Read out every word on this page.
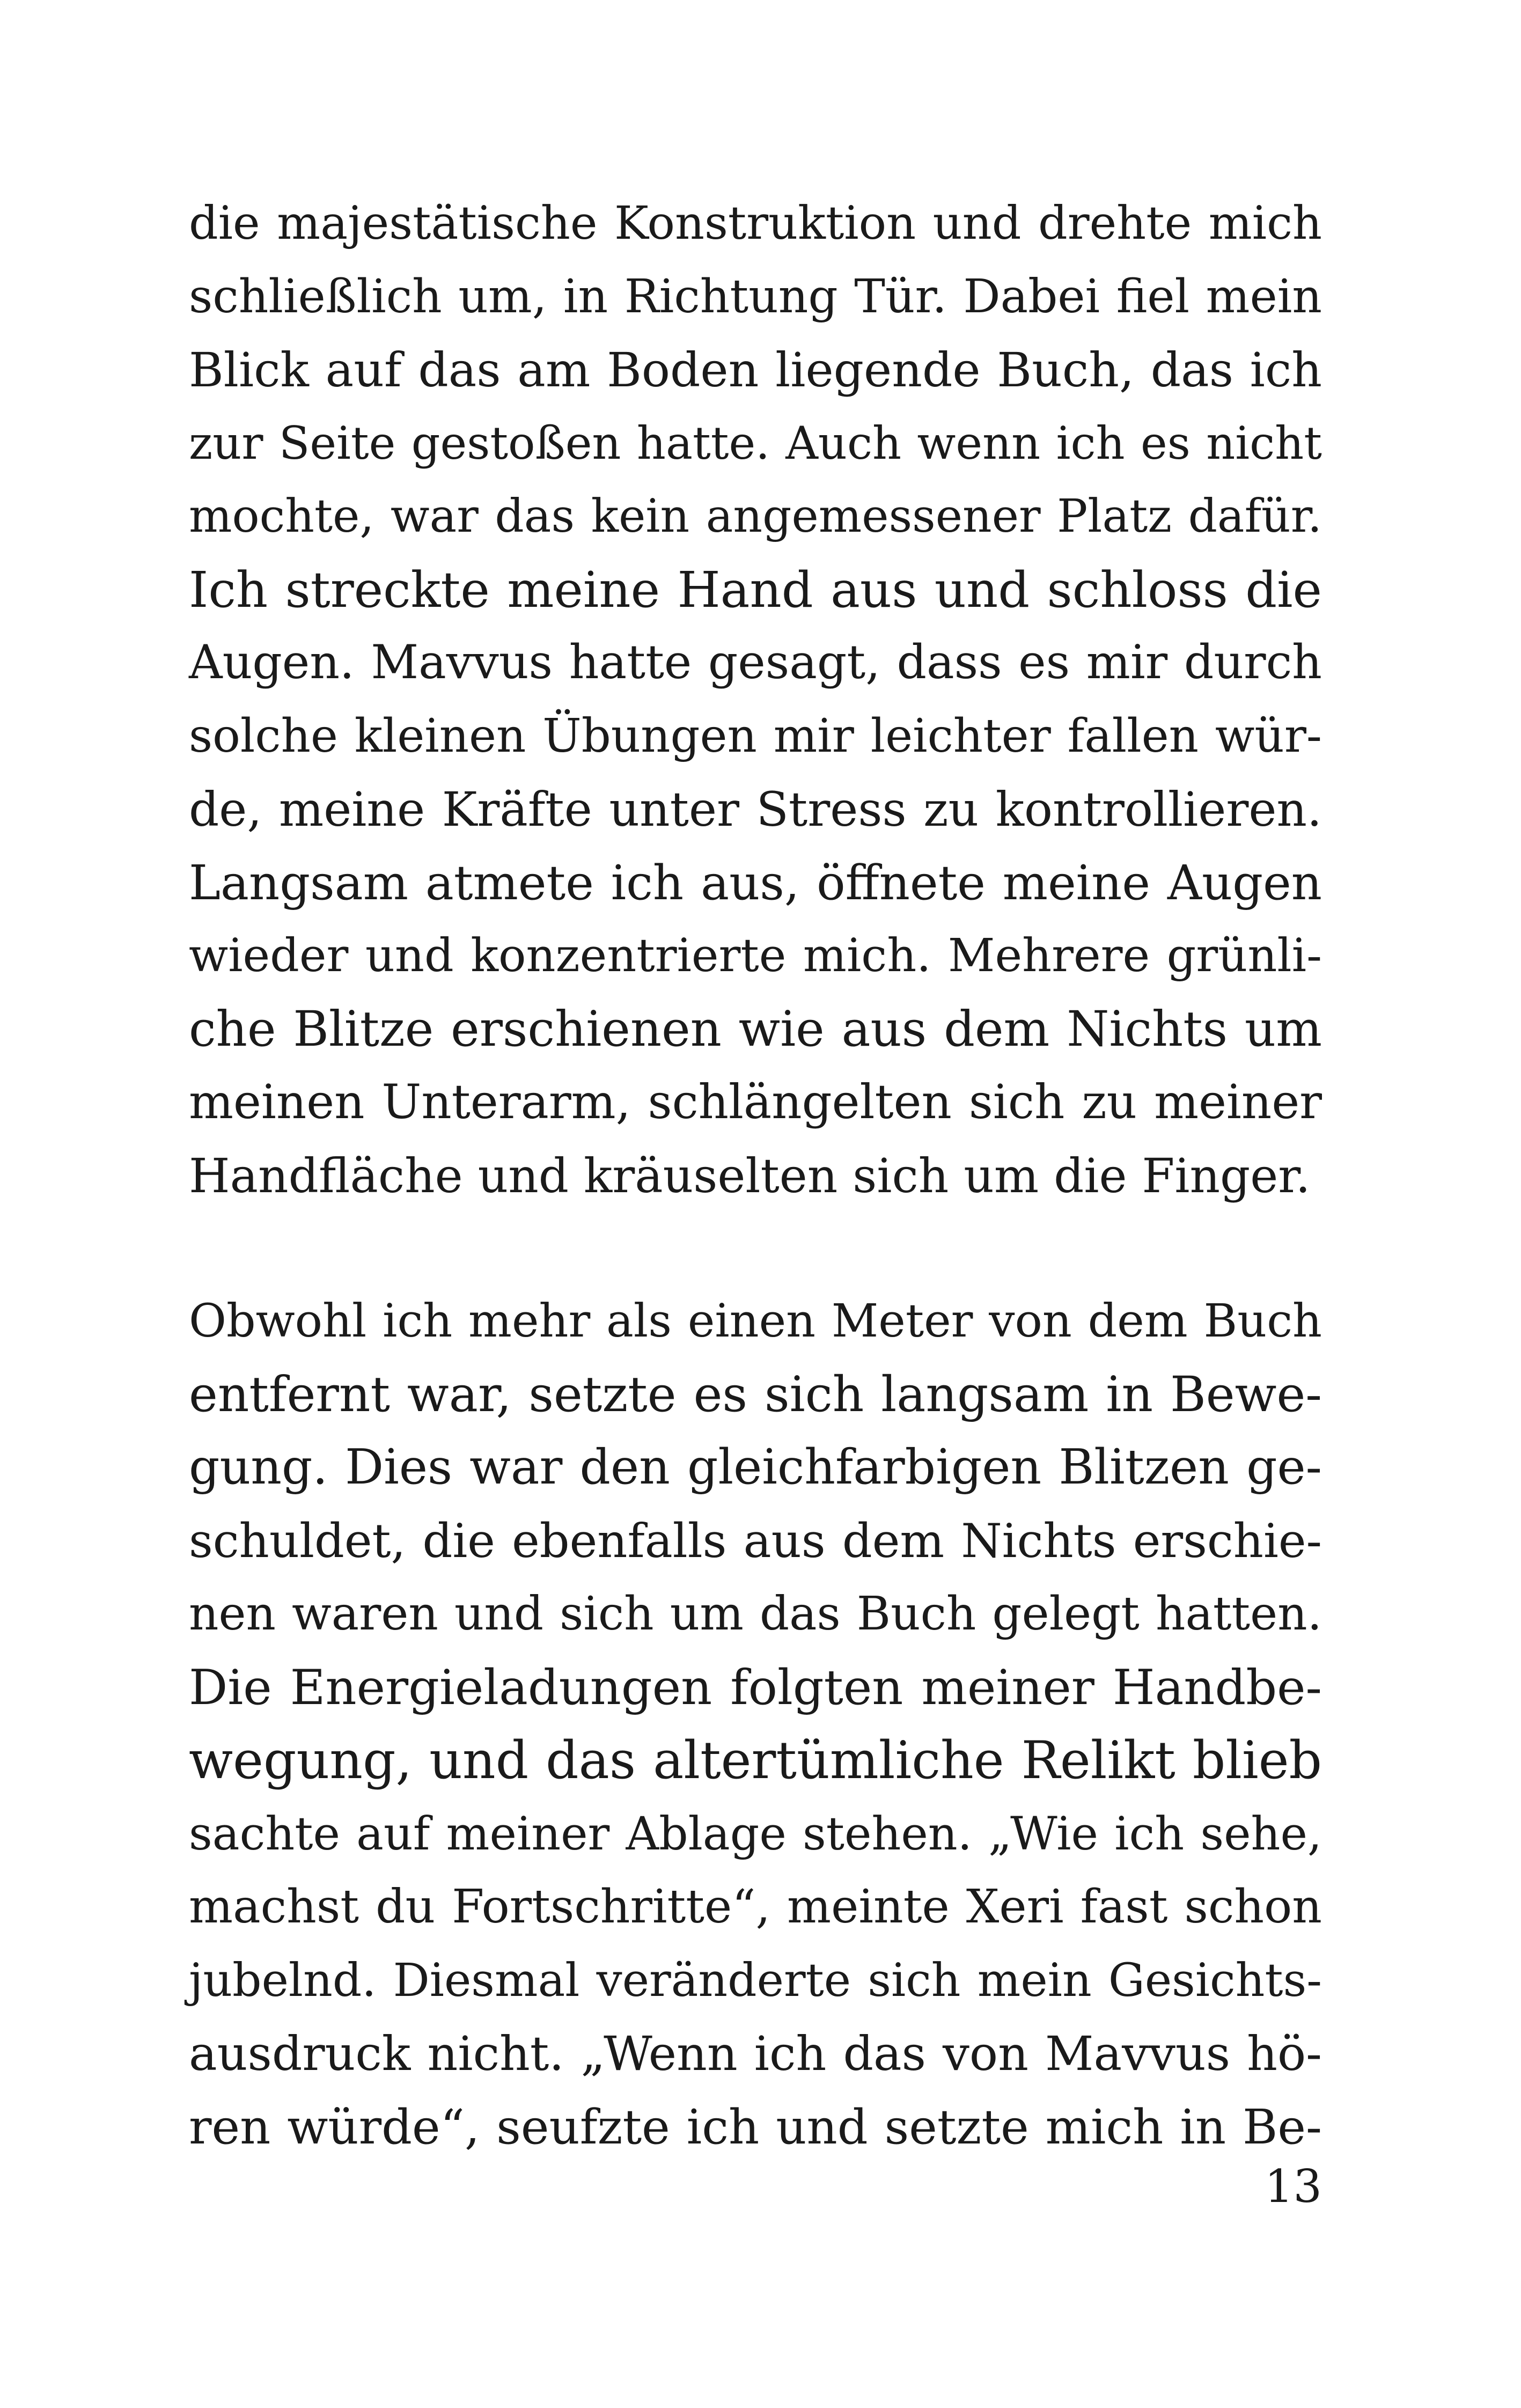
die majestätische Konstruktion und drehte mich
schließlich um, in Richtung Tür. Dabei fiel mein
Blick auf das am Boden liegende Buch, das ich
zur Seite gestoßen hatte. Auch wenn ich es nicht
mochte, war das kein angemessener Platz dafür.
Ich streckte meine Hand aus und schloss die
Augen. Mavvus hatte gesagt, dass es mir durch
solche kleinen Übungen mir leichter fallen wür-
de, meine Kräfte unter Stress zu kontrollieren.
Langsam atmete ich aus, öffnete meine Augen
wieder und konzentrierte mich. Mehrere grünli-
che Blitze erschienen wie aus dem Nichts um
meinen Unterarm, schlängelten sich zu meiner
Handfläche und kräuselten sich um die Finger.
Obwohl ich mehr als einen Meter von dem Buch
entfernt war, setzte es sich langsam in Bewe-
gung. Dies war den gleichfarbigen Blitzen ge-
schuldet, die ebenfalls aus dem Nichts erschie-
nen waren und sich um das Buch gelegt hatten.
Die Energieladungen folgten meiner Handbe-
wegung, und das altertümliche Relikt blieb
sachte auf meiner Ablage stehen. „Wie ich sehe,
machst du Fortschritte“, meinte Xeri fast schon
jubelnd. Diesmal veränderte sich mein Gesichts-
ausdruck nicht. „Wenn ich das von Mavvus hö-
ren würde“, seufzte ich und setzte mich in Be-
13
